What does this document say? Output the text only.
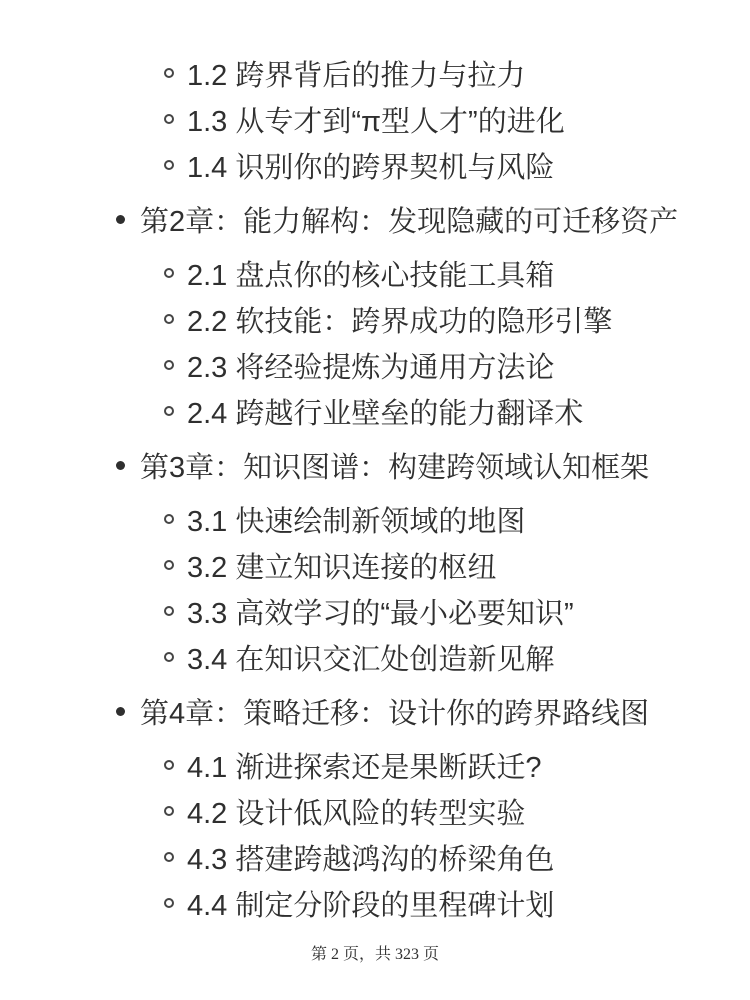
1.2 跨界背后的推力与拉力
1.3 从专才到“π型人才”的进化
1.4 识别你的跨界契机与风险
第2章：能力解构：发现隐藏的可迁移资产
2.1 盘点你的核心技能工具箱
2.2 软技能：跨界成功的隐形引擎
2.3 将经验提炼为通用方法论
2.4 跨越行业壁垒的能力翻译术
第3章：知识图谱：构建跨领域认知框架
3.1 快速绘制新领域的地图
3.2 建立知识连接的枢纽
3.3 高效学习的“最小必要知识”
3.4 在知识交汇处创造新见解
第4章：策略迁移：设计你的跨界路线图
4.1 渐进探索还是果断跃迁?
4.2 设计低风险的转型实验
4.3 搭建跨越鸿沟的桥梁角色
4.4 制定分阶段的里程碑计划
第 2 页，共 323 页
